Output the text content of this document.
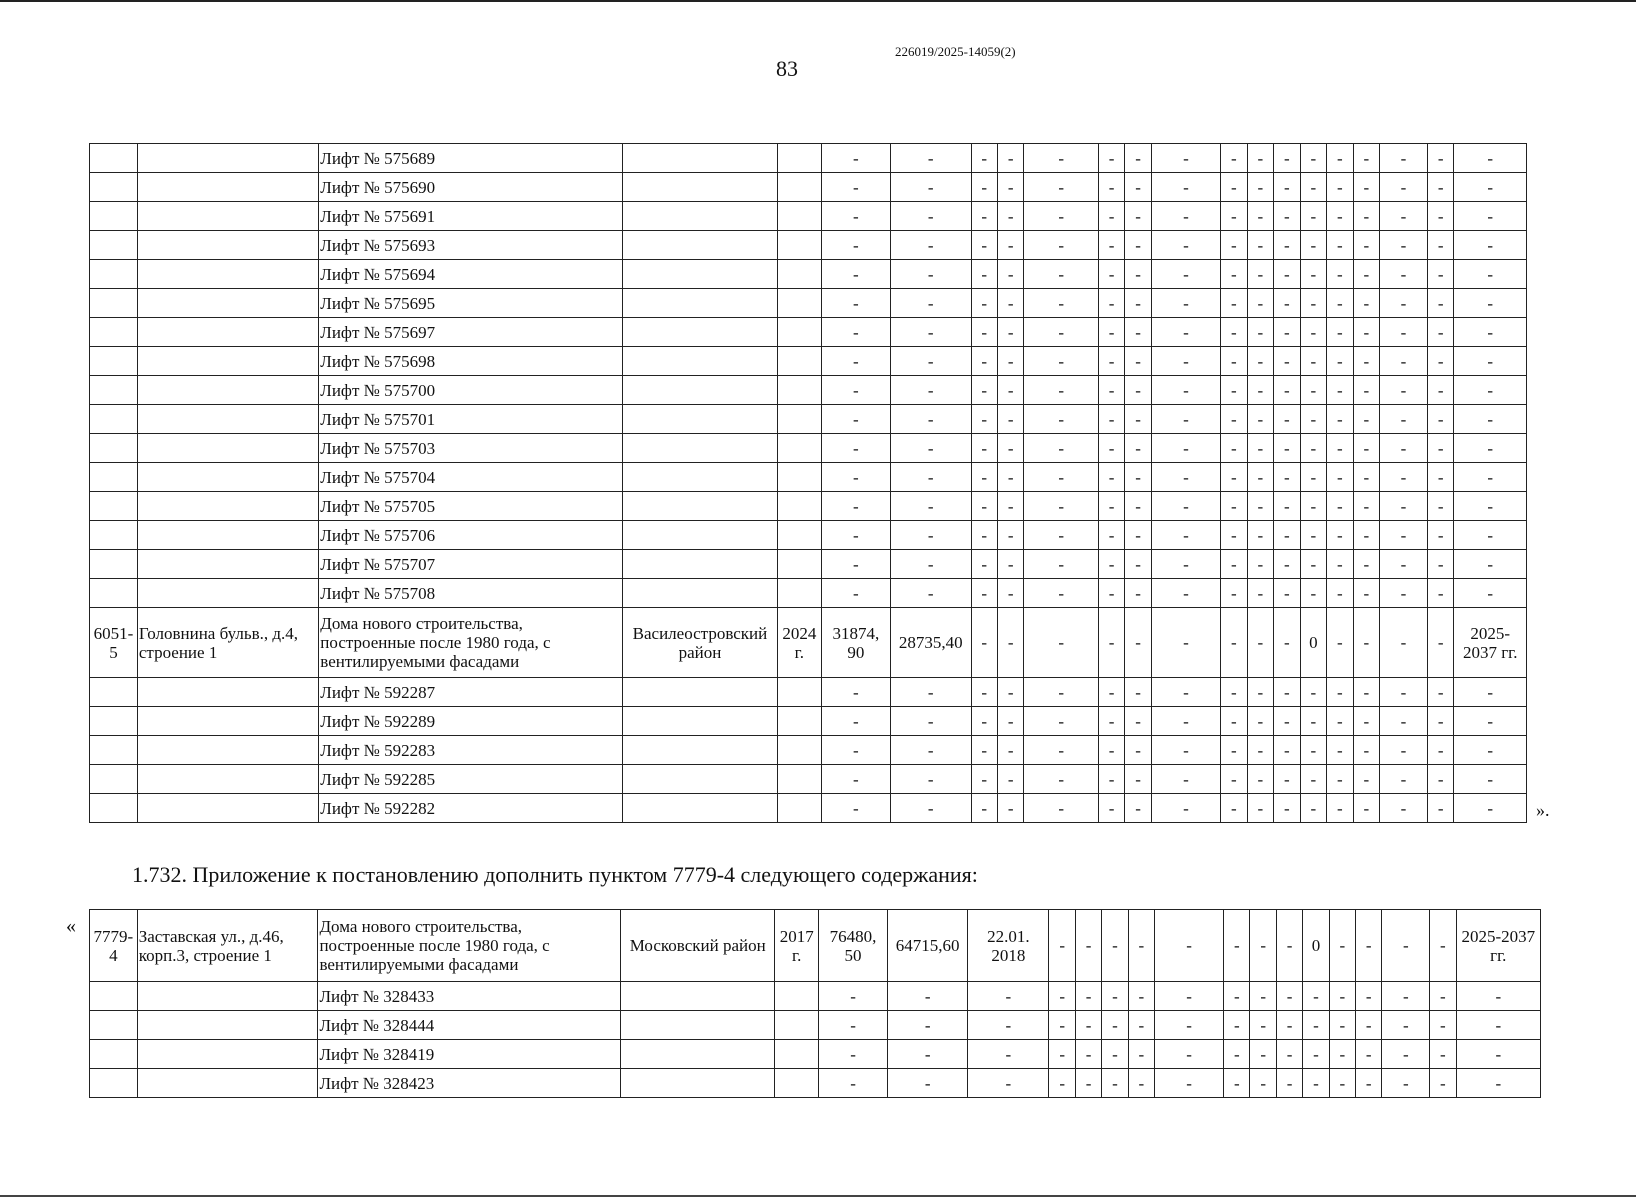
83
226019/2025-14059(2)
		Лифт № 575689			-	-	-	-	-	-	-	-	-	-	-	-	-	-	-	-	-
		Лифт № 575690			-	-	-	-	-	-	-	-	-	-	-	-	-	-	-	-	-
		Лифт № 575691			-	-	-	-	-	-	-	-	-	-	-	-	-	-	-	-	-
		Лифт № 575693			-	-	-	-	-	-	-	-	-	-	-	-	-	-	-	-	-
		Лифт № 575694			-	-	-	-	-	-	-	-	-	-	-	-	-	-	-	-	-
		Лифт № 575695			-	-	-	-	-	-	-	-	-	-	-	-	-	-	-	-	-
		Лифт № 575697			-	-	-	-	-	-	-	-	-	-	-	-	-	-	-	-	-
		Лифт № 575698			-	-	-	-	-	-	-	-	-	-	-	-	-	-	-	-	-
		Лифт № 575700			-	-	-	-	-	-	-	-	-	-	-	-	-	-	-	-	-
		Лифт № 575701			-	-	-	-	-	-	-	-	-	-	-	-	-	-	-	-	-
		Лифт № 575703			-	-	-	-	-	-	-	-	-	-	-	-	-	-	-	-	-
		Лифт № 575704			-	-	-	-	-	-	-	-	-	-	-	-	-	-	-	-	-
		Лифт № 575705			-	-	-	-	-	-	-	-	-	-	-	-	-	-	-	-	-
		Лифт № 575706			-	-	-	-	-	-	-	-	-	-	-	-	-	-	-	-	-
		Лифт № 575707			-	-	-	-	-	-	-	-	-	-	-	-	-	-	-	-	-
		Лифт № 575708			-	-	-	-	-	-	-	-	-	-	-	-	-	-	-	-	-
6051-5	Головнина бульв., д.4, строение 1	Дома нового строительства, построенные после 1980 года, с вентилируемыми фасадами	Василеостровский район	2024 г.	31874, 90	28735,40	-	-	-	-	-	-	-	-	-	0	-	-	-	-	2025-2037 гг.
		Лифт № 592287			-	-	-	-	-	-	-	-	-	-	-	-	-	-	-	-	-
		Лифт № 592289			-	-	-	-	-	-	-	-	-	-	-	-	-	-	-	-	-
		Лифт № 592283			-	-	-	-	-	-	-	-	-	-	-	-	-	-	-	-	-
		Лифт № 592285			-	-	-	-	-	-	-	-	-	-	-	-	-	-	-	-	-
		Лифт № 592282			-	-	-	-	-	-	-	-	-	-	-	-	-	-	-	-	- ».
1.732. Приложение к постановлению дополнить пунктом 7779-4 следующего содержания:
« 7779-4	Заставская ул., д.46, корп.3, строение 1	Дома нового строительства, построенные после 1980 года, с вентилируемыми фасадами	Московский район	2017 г.	76480, 50	64715,60	22.01. 2018	-	-	-	-	-	-	-	-	0	-	-	-	-	2025-2037 гг.
		Лифт № 328433			-	-	-	-	-	-	-	-	-	-	-	-	-	-	-	-	-
		Лифт № 328444			-	-	-	-	-	-	-	-	-	-	-	-	-	-	-	-	-
		Лифт № 328419			-	-	-	-	-	-	-	-	-	-	-	-	-	-	-	-	-
		Лифт № 328423			-	-	-	-	-	-	-	-	-	-	-	-	-	-	-	-	-
